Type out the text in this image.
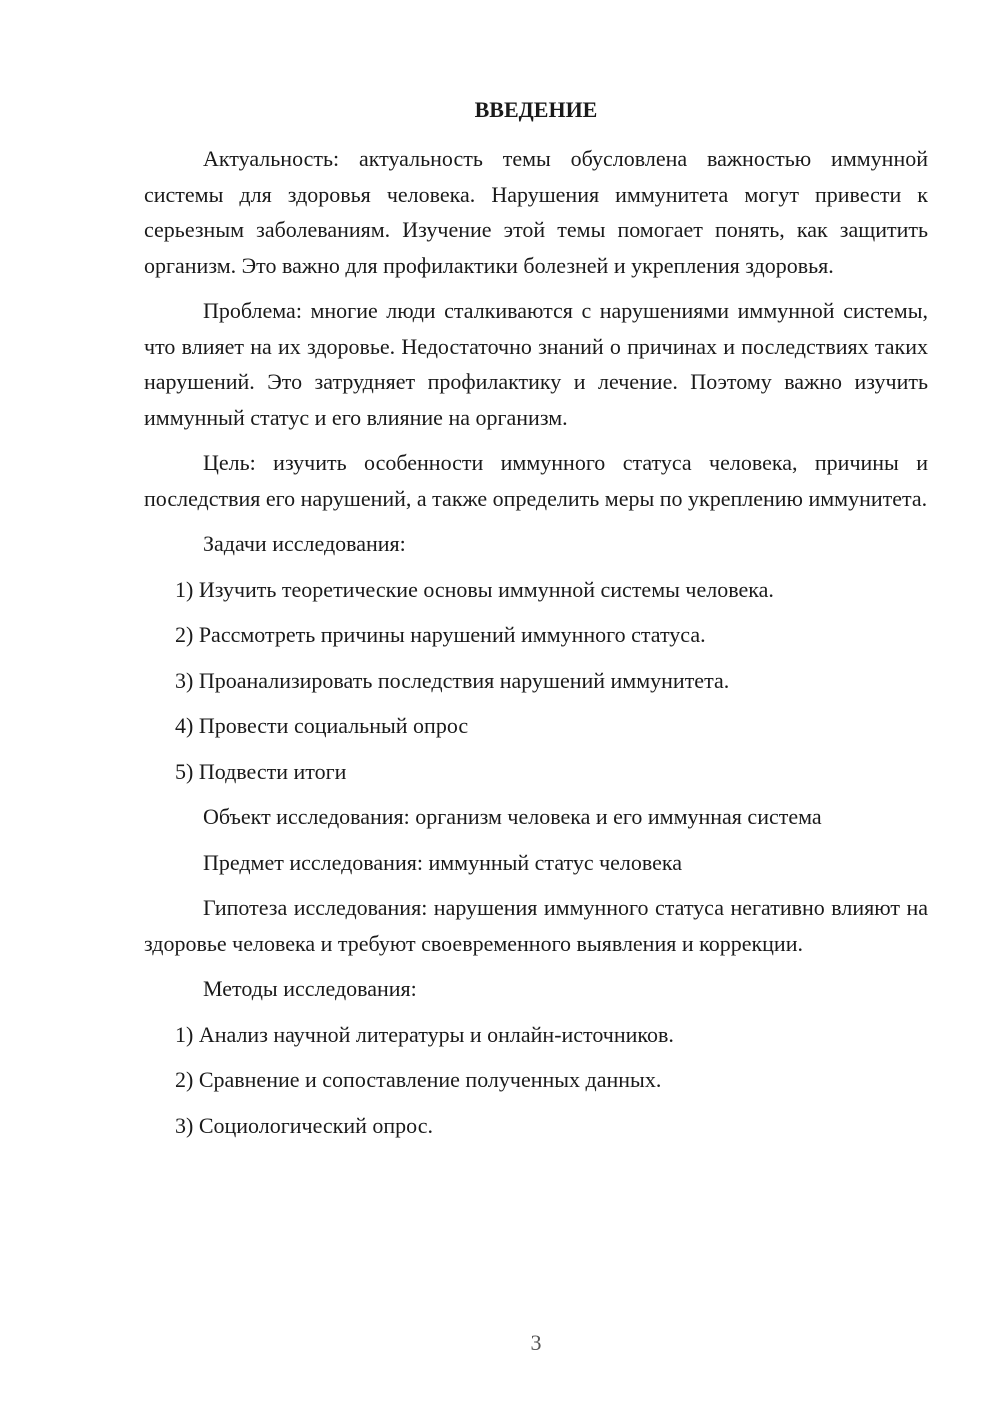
ВВЕДЕНИЕ

Актуальность: актуальность темы обусловлена важностью иммунной системы для здоровья человека. Нарушения иммунитета могут привести к серьезным заболеваниям. Изучение этой темы помогает понять, как защитить организм. Это важно для профилактики болезней и укрепления здоровья.

Проблема: многие люди сталкиваются с нарушениями иммунной системы, что влияет на их здоровье. Недостаточно знаний о причинах и последствиях таких нарушений. Это затрудняет профилактику и лечение. Поэтому важно изучить иммунный статус и его влияние на организм.

Цель: изучить особенности иммунного статуса человека, причины и последствия его нарушений, а также определить меры по укреплению иммунитета.

Задачи исследования:

1) Изучить теоретические основы иммунной системы человека.

2) Рассмотреть причины нарушений иммунного статуса.

3) Проанализировать последствия нарушений иммунитета.

4) Провести социальный опрос

5) Подвести итоги

Объект исследования: организм человека и его иммунная система

Предмет исследования: иммунный статус человека

Гипотеза исследования: нарушения иммунного статуса негативно влияют на здоровье человека и требуют своевременного выявления и коррекции.

Методы исследования:

1) Анализ научной литературы и онлайн-источников.

2) Сравнение и сопоставление полученных данных.

3) Социологический опрос.

3
